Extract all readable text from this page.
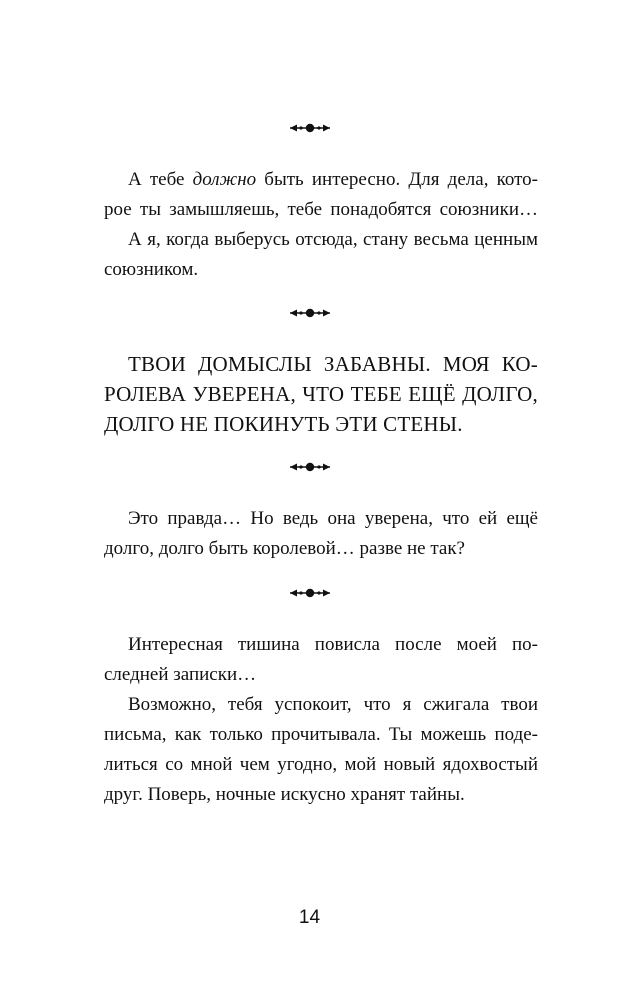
А тебе должно быть интересно. Для дела, кото-
рое ты замышляешь, тебе понадобятся союзники…
А я, когда выберусь отсюда, стану весьма ценным
союзником.
ТВОИ ДОМЫСЛЫ ЗАБАВНЫ. МОЯ КО-
РОЛЕВА УВЕРЕНА, ЧТО ТЕБЕ ЕЩЁ ДОЛГО,
ДОЛГО НЕ ПОКИНУТЬ ЭТИ СТЕНЫ.
Это правда… Но ведь она уверена, что ей ещё
долго, долго быть королевой… разве не так?
Интересная тишина повисла после моей по-
следней записки…
Возможно, тебя успокоит, что я сжигала твои
письма, как только прочитывала. Ты можешь поде-
литься со мной чем угодно, мой новый ядохвостый
друг. Поверь, ночные искусно хранят тайны.
14
